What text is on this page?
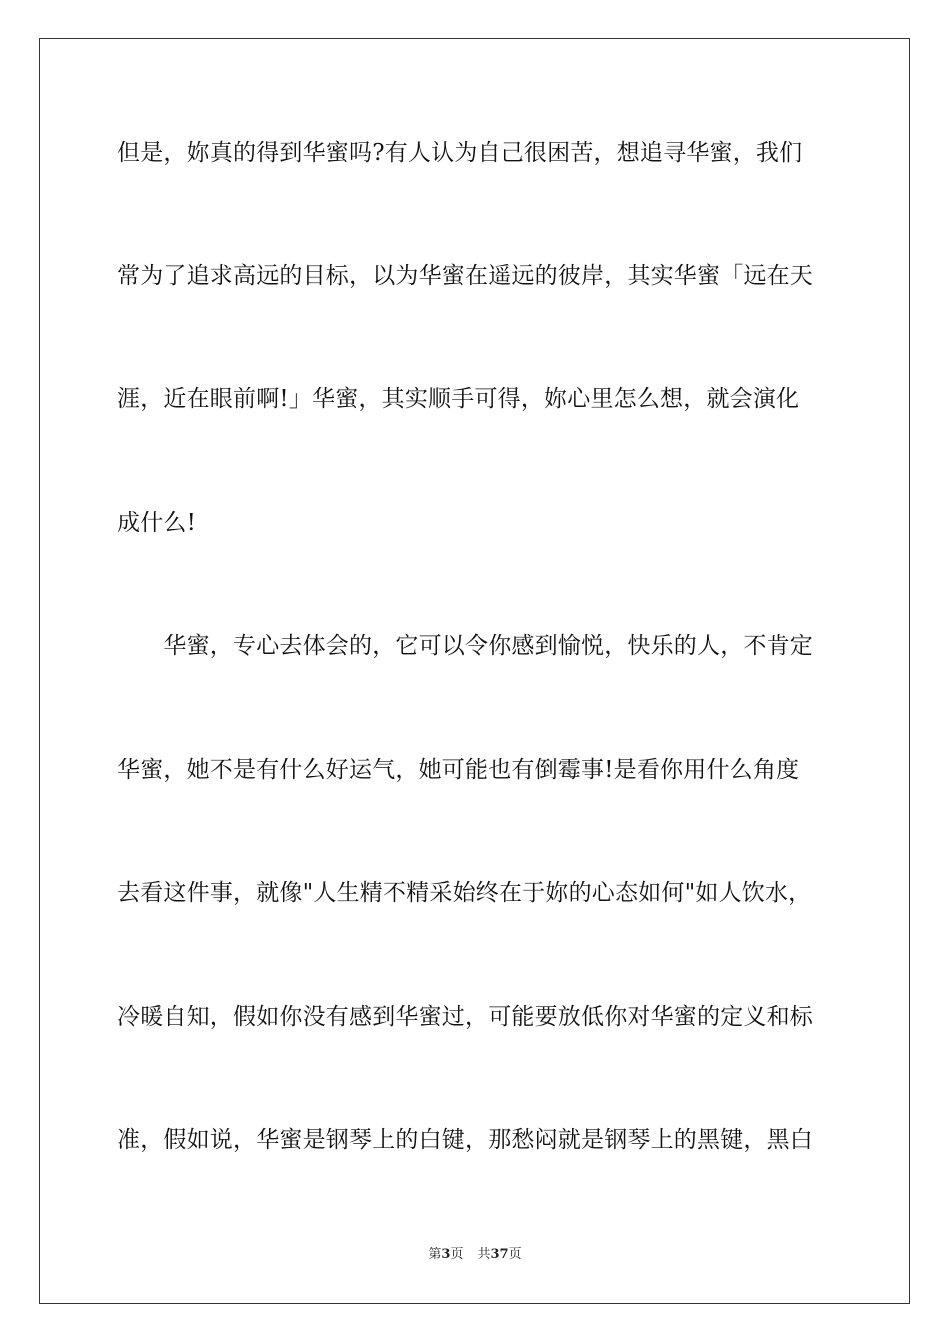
但是，妳真的得到华蜜吗?有人认为自己很困苦，想追寻华蜜，我们
常为了追求高远的目标，以为华蜜在遥远的彼岸，其实华蜜「远在天
涯，近在眼前啊!」华蜜，其实顺手可得，妳心里怎么想，就会演化
成什么!
　　华蜜，专心去体会的，它可以令你感到愉悦，快乐的人，不肯定
华蜜，她不是有什么好运气，她可能也有倒霉事!是看你用什么角度
去看这件事，就像"人生精不精采始终在于妳的心态如何"如人饮水，
冷暖自知，假如你没有感到华蜜过，可能要放低你对华蜜的定义和标
准，假如说，华蜜是钢琴上的白键，那愁闷就是钢琴上的黑键，黑白
第3页 共37页
